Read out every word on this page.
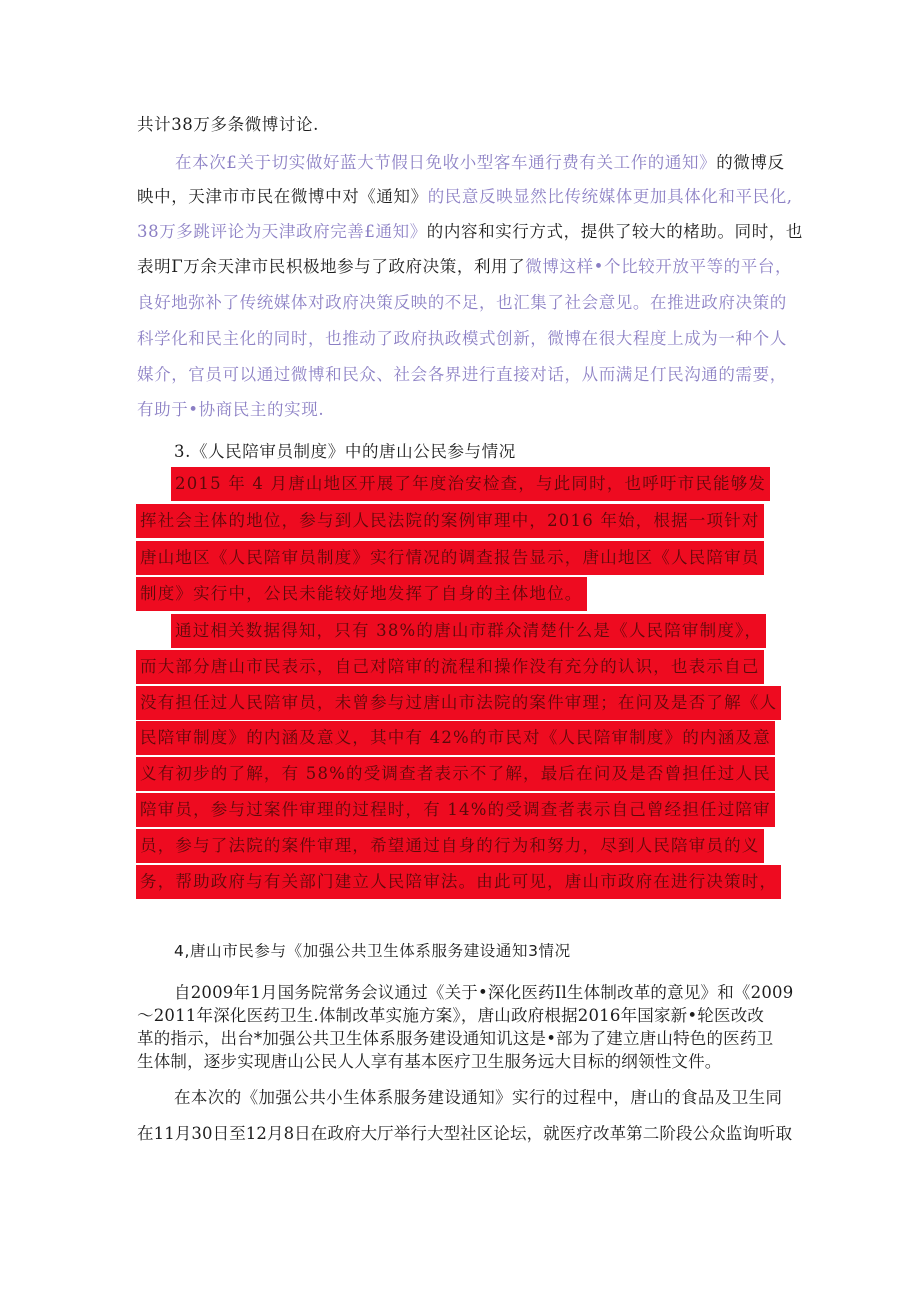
共计38万多条微博讨论.
在本次£关于切实做好蓝大节假日免收小型客车通行费有关工作的通知》的微博反
映中，天津市市民在微博中对《通知》的民意反映显然比传统媒体更加具体化和平民化,
38万多跳评论为天津政府完善£通知》的内容和实行方式，提供了较大的楮助。同时，也
表明Γ万余天津市民枳极地参与了政府决策，利用了微博这样•个比较开放平等的平台，
良好地弥补了传统媒体对政府决策反映的不足，也汇集了社会意见。在推进政府决策的
科学化和民主化的同时，也推动了政府执政模式创新，微博在很大程度上成为一种个人
媒介，官员可以通过微博和民众、社会各界进行直接对话，从而满足仃民沟通的需要，
有助于•协商民主的实现.
3.《人民陪审员制度》中的唐山公民参与情况
2015 年 4 月唐山地区开展了年度治安检查，与此同时，也呼吁市民能够发
挥社会主体的地位，参与到人民法院的案例审理中，2016 年始，根据一项针对
唐山地区《人民陪审员制度》实行情况的调查报告显示，唐山地区《人民陪审员
制度》实行中，公民未能较好地发挥了自身的主体地位。
通过相关数据得知，只有 38%的唐山市群众清楚什么是《人民陪审制度》，
而大部分唐山市民表示，自己对陪审的流程和操作没有充分的认识，也表示自己
没有担任过人民陪审员，未曾参与过唐山市法院的案件审理；在问及是否了解《人
民陪审制度》的内涵及意义，其中有 42%的市民对《人民陪审制度》的内涵及意
义有初步的了解，有 58%的受调查者表示不了解，最后在问及是否曾担任过人民
陪审员，参与过案件审理的过程时，有 14%的受调查者表示自己曾经担任过陪审
员，参与了法院的案件审理，希望通过自身的行为和努力，尽到人民陪审员的义
务，帮助政府与有关部门建立人民陪审法。由此可见，唐山市政府在进行决策时，
4,唐山市民参与《加强公共卫生体系服务建设通知3情况
自2009年1月国务院常务会议通过《关于•深化医药Il生体制改革的意见》和《2009
〜2011年深化医药卫生.体制改革实施方案》，唐山政府根据2016年国家新•轮医改改
革的指示，出台*加强公共卫生体系服务建设通知讥这是•部为了建立唐山特色的医药卫
生体制，逐步实现唐山公民人人享有基本医疗卫生服务远大目标的纲领性文件。
在本次的《加强公共小生体系服务建设通知》实行的过程中，唐山的食品及卫生同
在11月30日至12月8日在政府大厅举行大型社区论坛，就医疗改革第二阶段公众监询听取
